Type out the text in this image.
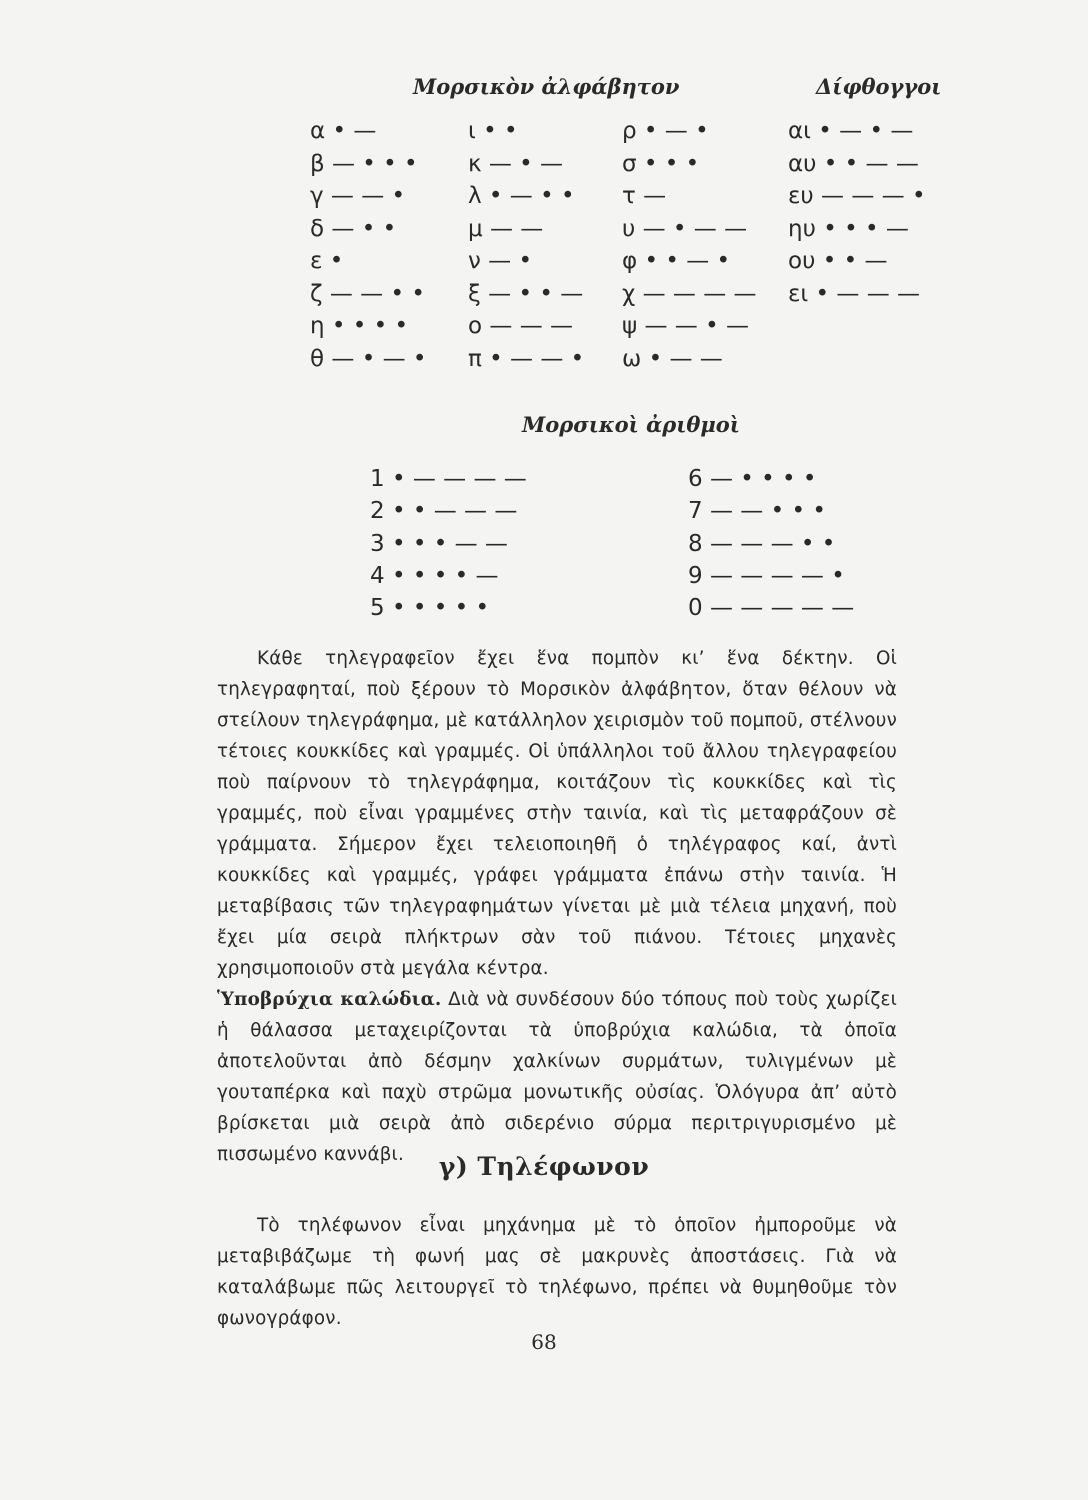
Μορσικὸν ἀλφάβητον	Δίφθογγοι
α • —
β — • • •
γ — — •
δ — • •
ε •
ζ — — • •
η • • • •
θ — • — •
ι • •
κ — • —
λ • — • •
μ — —
ν — •
ξ — • • —
ο — — —
π • — — •
ρ • — •
σ • • •
τ —
υ — • — —
φ • • — •
χ — — — —
ψ — — • —
ω • — —
αι • — • —
αυ • • — —
ευ — — — •
ηυ • • • —
ου • • —
ει • — — —
Μορσικοὶ ἀριθμοὶ
1 • — — — —
2 • • — — —
3 • • • — —
4 • • • • —
5 • • • • •
6 — • • • •
7 — — • • •
8 — — — • •
9 — — — — •
0 — — — — —

Κάθε τηλεγραφεῖον ἔχει ἕνα πομπὸν κι’ ἕνα δέκτην. Οἱ τηλεγραφηταί, ποὺ ξέρουν τὸ Μορσικὸν ἀλφάβητον, ὅταν θέλουν νὰ στείλουν τηλεγράφημα, μὲ κατάλληλον χειρισμὸν τοῦ πομποῦ, στέλνουν τέτοιες κουκκίδες καὶ γραμμές. Οἱ ὑπάλληλοι τοῦ ἄλλου τηλεγραφείου ποὺ παίρνουν τὸ τηλεγράφημα, κοιτάζουν τὶς κουκκίδες καὶ τὶς γραμμές, ποὺ εἶναι γραμμένες στὴν ταινία, καὶ τὶς μεταφράζουν σὲ γράμματα. Σήμερον ἔχει τελειοποιηθῆ ὁ τηλέγραφος καί, ἀντὶ κουκκίδες καὶ γραμμές, γράφει γράμματα ἐπάνω στὴν ταινία. Ἡ μεταβίβασις τῶν τηλεγραφημάτων γίνεται μὲ μιὰ τέλεια μηχανή, ποὺ ἔχει μία σειρὰ πλήκτρων σὰν τοῦ πιάνου. Τέτοιες μηχανὲς χρησιμοποιοῦν στὰ μεγάλα κέντρα.

Ὑποβρύχια καλώδια. Διὰ νὰ συνδέσουν δύο τόπους ποὺ τοὺς χωρίζει ἡ θάλασσα μεταχειρίζονται τὰ ὑποβρύχια καλώδια, τὰ ὁποῖα ἀποτελοῦνται ἀπὸ δέσμην χαλκίνων συρμάτων, τυλιγμένων μὲ γουταπέρκα καὶ παχὺ στρῶμα μονωτικῆς οὐσίας. Ὁλόγυρα ἀπ’ αὐτὸ βρίσκεται μιὰ σειρὰ ἀπὸ σιδερένιο σύρμα περιτριγυρισμένο μὲ πισσωμένο καννάβι.	γ) Τηλέφωνον

Τὸ τηλέφωνον εἶναι μηχάνημα μὲ τὸ ὁποῖον ἠμποροῦμε νὰ μεταβιβάζωμε τὴ φωνή μας σὲ μακρυνὲς ἀποστάσεις. Γιὰ νὰ καταλάβωμε πῶς λειτουργεῖ τὸ τηλέφωνο, πρέπει νὰ θυμηθοῦμε τὸν φωνογράφον.

68
